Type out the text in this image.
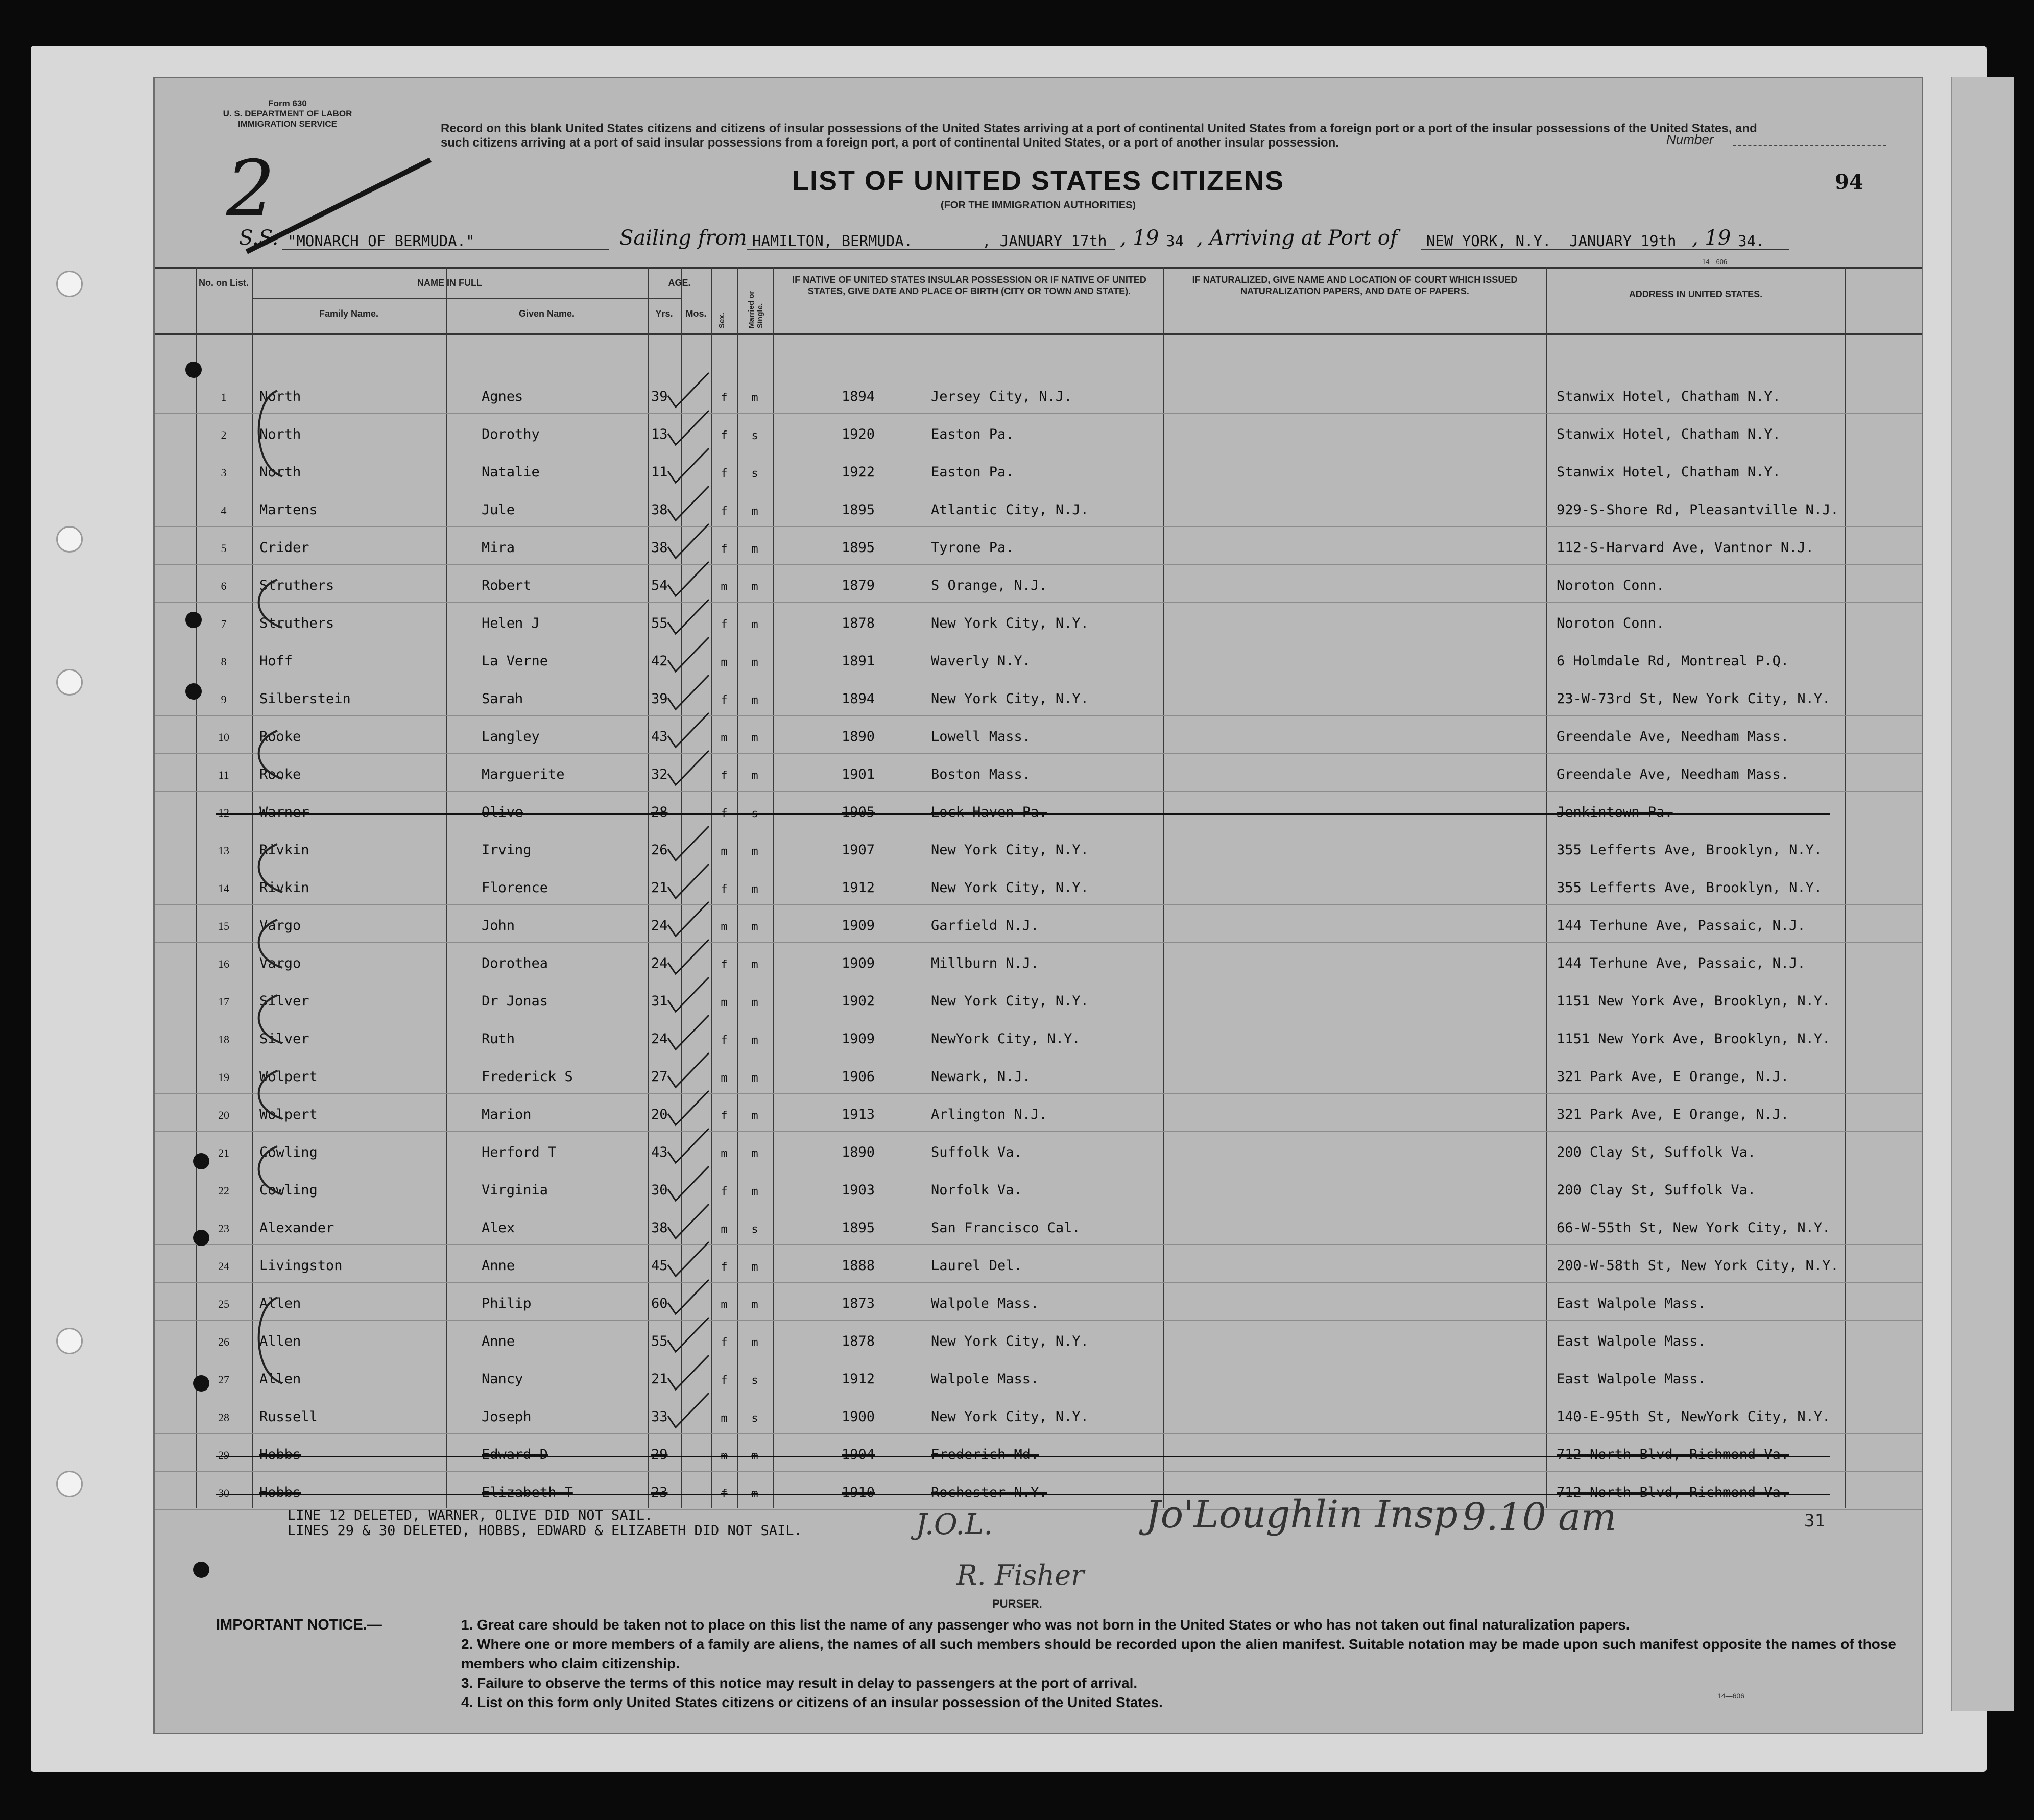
Form 630
U. S. DEPARTMENT OF LABOR
IMMIGRATION SERVICE
2
Record on this blank United States citizens and citizens of insular possessions of the United States arriving at a port of continental United States from a foreign port or a port of the insular possessions of the United States, and such citizens arriving at a port of said insular possessions from a foreign port, a port of continental United States, or a port of another insular possession.	Number
LIST OF UNITED STATES CITIZENS
(FOR THE IMMIGRATION AUTHORITIES)
94
S.S. "MONARCH OF BERMUDA."	Sailing from HAMILTON, BERMUDA.	, JANUARY 17th , 19 34 , Arriving at Port of NEW YORK, N.Y. JANUARY 19th , 19 34.
14—606
No. on List.	NAME IN FULL
Family Name.	Given Name.
AGE.
Yrs.	Mos.	Sex.	Married or Single.
IF NATIVE OF UNITED STATES INSULAR POSSESSION OR IF NATIVE OF UNITED STATES, GIVE DATE AND PLACE OF BIRTH (CITY OR TOWN AND STATE).
IF NATURALIZED, GIVE NAME AND LOCATION OF COURT WHICH ISSUED NATURALIZATION PAPERS, AND DATE OF PAPERS.	ADDRESS IN UNITED STATES.
1	North	Agnes	39	f	m	1894	Jersey City, N.J.	Stanwix Hotel, Chatham N.Y.
2	North	Dorothy	13	f	s	1920	Easton Pa.	Stanwix Hotel, Chatham N.Y.
3	North	Natalie	11	f	s	1922	Easton Pa.	Stanwix Hotel, Chatham N.Y.
4	Martens	Jule	38	f	m	1895	Atlantic City, N.J.	929-S-Shore Rd, Pleasantville N.J.
5	Crider	Mira	38	f	m	1895	Tyrone Pa.	112-S-Harvard Ave, Vantnor N.J.
6	Struthers	Robert	54	m	m	1879	S Orange, N.J.	Noroton Conn.
7	Struthers	Helen J	55	f	m	1878	New York City, N.Y.	Noroton Conn.
8	Hoff	La Verne	42	m	m	1891	Waverly N.Y.	6 Holmdale Rd, Montreal P.Q.
9	Silberstein	Sarah	39	f	m	1894	New York City, N.Y.	23-W-73rd St, New York City, N.Y.
10	Rooke	Langley	43	m	m	1890	Lowell Mass.	Greendale Ave, Needham Mass.
11	Rooke	Marguerite	32	f	m	1901	Boston Mass.	Greendale Ave, Needham Mass.
12	Warner	Olive	28	f	s	1905	Lock Haven Pa.	Jenkintown Pa.
13	Rivkin	Irving	26	m	m	1907	New York City, N.Y.	355 Lefferts Ave, Brooklyn, N.Y.
14	Rivkin	Florence	21	f	m	1912	New York City, N.Y.	355 Lefferts Ave, Brooklyn, N.Y.
15	Vargo	John	24	m	m	1909	Garfield N.J.	144 Terhune Ave, Passaic, N.J.
16	Vargo	Dorothea	24	f	m	1909	Millburn N.J.	144 Terhune Ave, Passaic, N.J.
17	Silver	Dr Jonas	31	m	m	1902	New York City, N.Y.	1151 New York Ave, Brooklyn, N.Y.
18	Silver	Ruth	24	f	m	1909	NewYork City, N.Y.	1151 New York Ave, Brooklyn, N.Y.
19	Wolpert	Frederick S	27	m	m	1906	Newark, N.J.	321 Park Ave, E Orange, N.J.
20	Wolpert	Marion	20	f	m	1913	Arlington N.J.	321 Park Ave, E Orange, N.J.
21	Cowling	Herford T	43	m	m	1890	Suffolk Va.	200 Clay St, Suffolk Va.
22	Cowling	Virginia	30	f	m	1903	Norfolk Va.	200 Clay St, Suffolk Va.
23	Alexander	Alex	38	m	s	1895	San Francisco Cal.	66-W-55th St, New York City, N.Y.
24	Livingston	Anne	45	f	m	1888	Laurel Del.	200-W-58th St, New York City, N.Y.
25	Allen	Philip	60	m	m	1873	Walpole Mass.	East Walpole Mass.
26	Allen	Anne	55	f	m	1878	New York City, N.Y.	East Walpole Mass.
27	Allen	Nancy	21	f	s	1912	Walpole Mass.	East Walpole Mass.
28	Russell	Joseph	33	m	s	1900	New York City, N.Y.	140-E-95th St, NewYork City, N.Y.
29	Hobbs	Edward D	29	m	m	1904	Frederich Md.	712 North Blvd, Richmond Va.
30	Hobbs	Elizabeth T	23	f	m	1910	Rochester N.Y.	712 North Blvd, Richmond Va.
LINE 12 DELETED, WARNER, OLIVE DID NOT SAIL.
LINES 29 & 30 DELETED, HOBBS, EDWARD & ELIZABETH DID NOT SAIL.	Jo'Loughlin Insp 9.10 am
J.O.L.
R. Fisher
PURSER.
31
IMPORTANT NOTICE.—	1. Great care should be taken not to place on this list the name of any passenger who was not born in the United States or who has not taken out final naturalization papers.
2. Where one or more members of a family are aliens, the names of all such members should be recorded upon the alien manifest. Suitable notation may be made upon such manifest opposite the names of those members who claim citizenship.
3. Failure to observe the terms of this notice may result in delay to passengers at the port of arrival.
4. List on this form only United States citizens or citizens of an insular possession of the United States.	14—606
